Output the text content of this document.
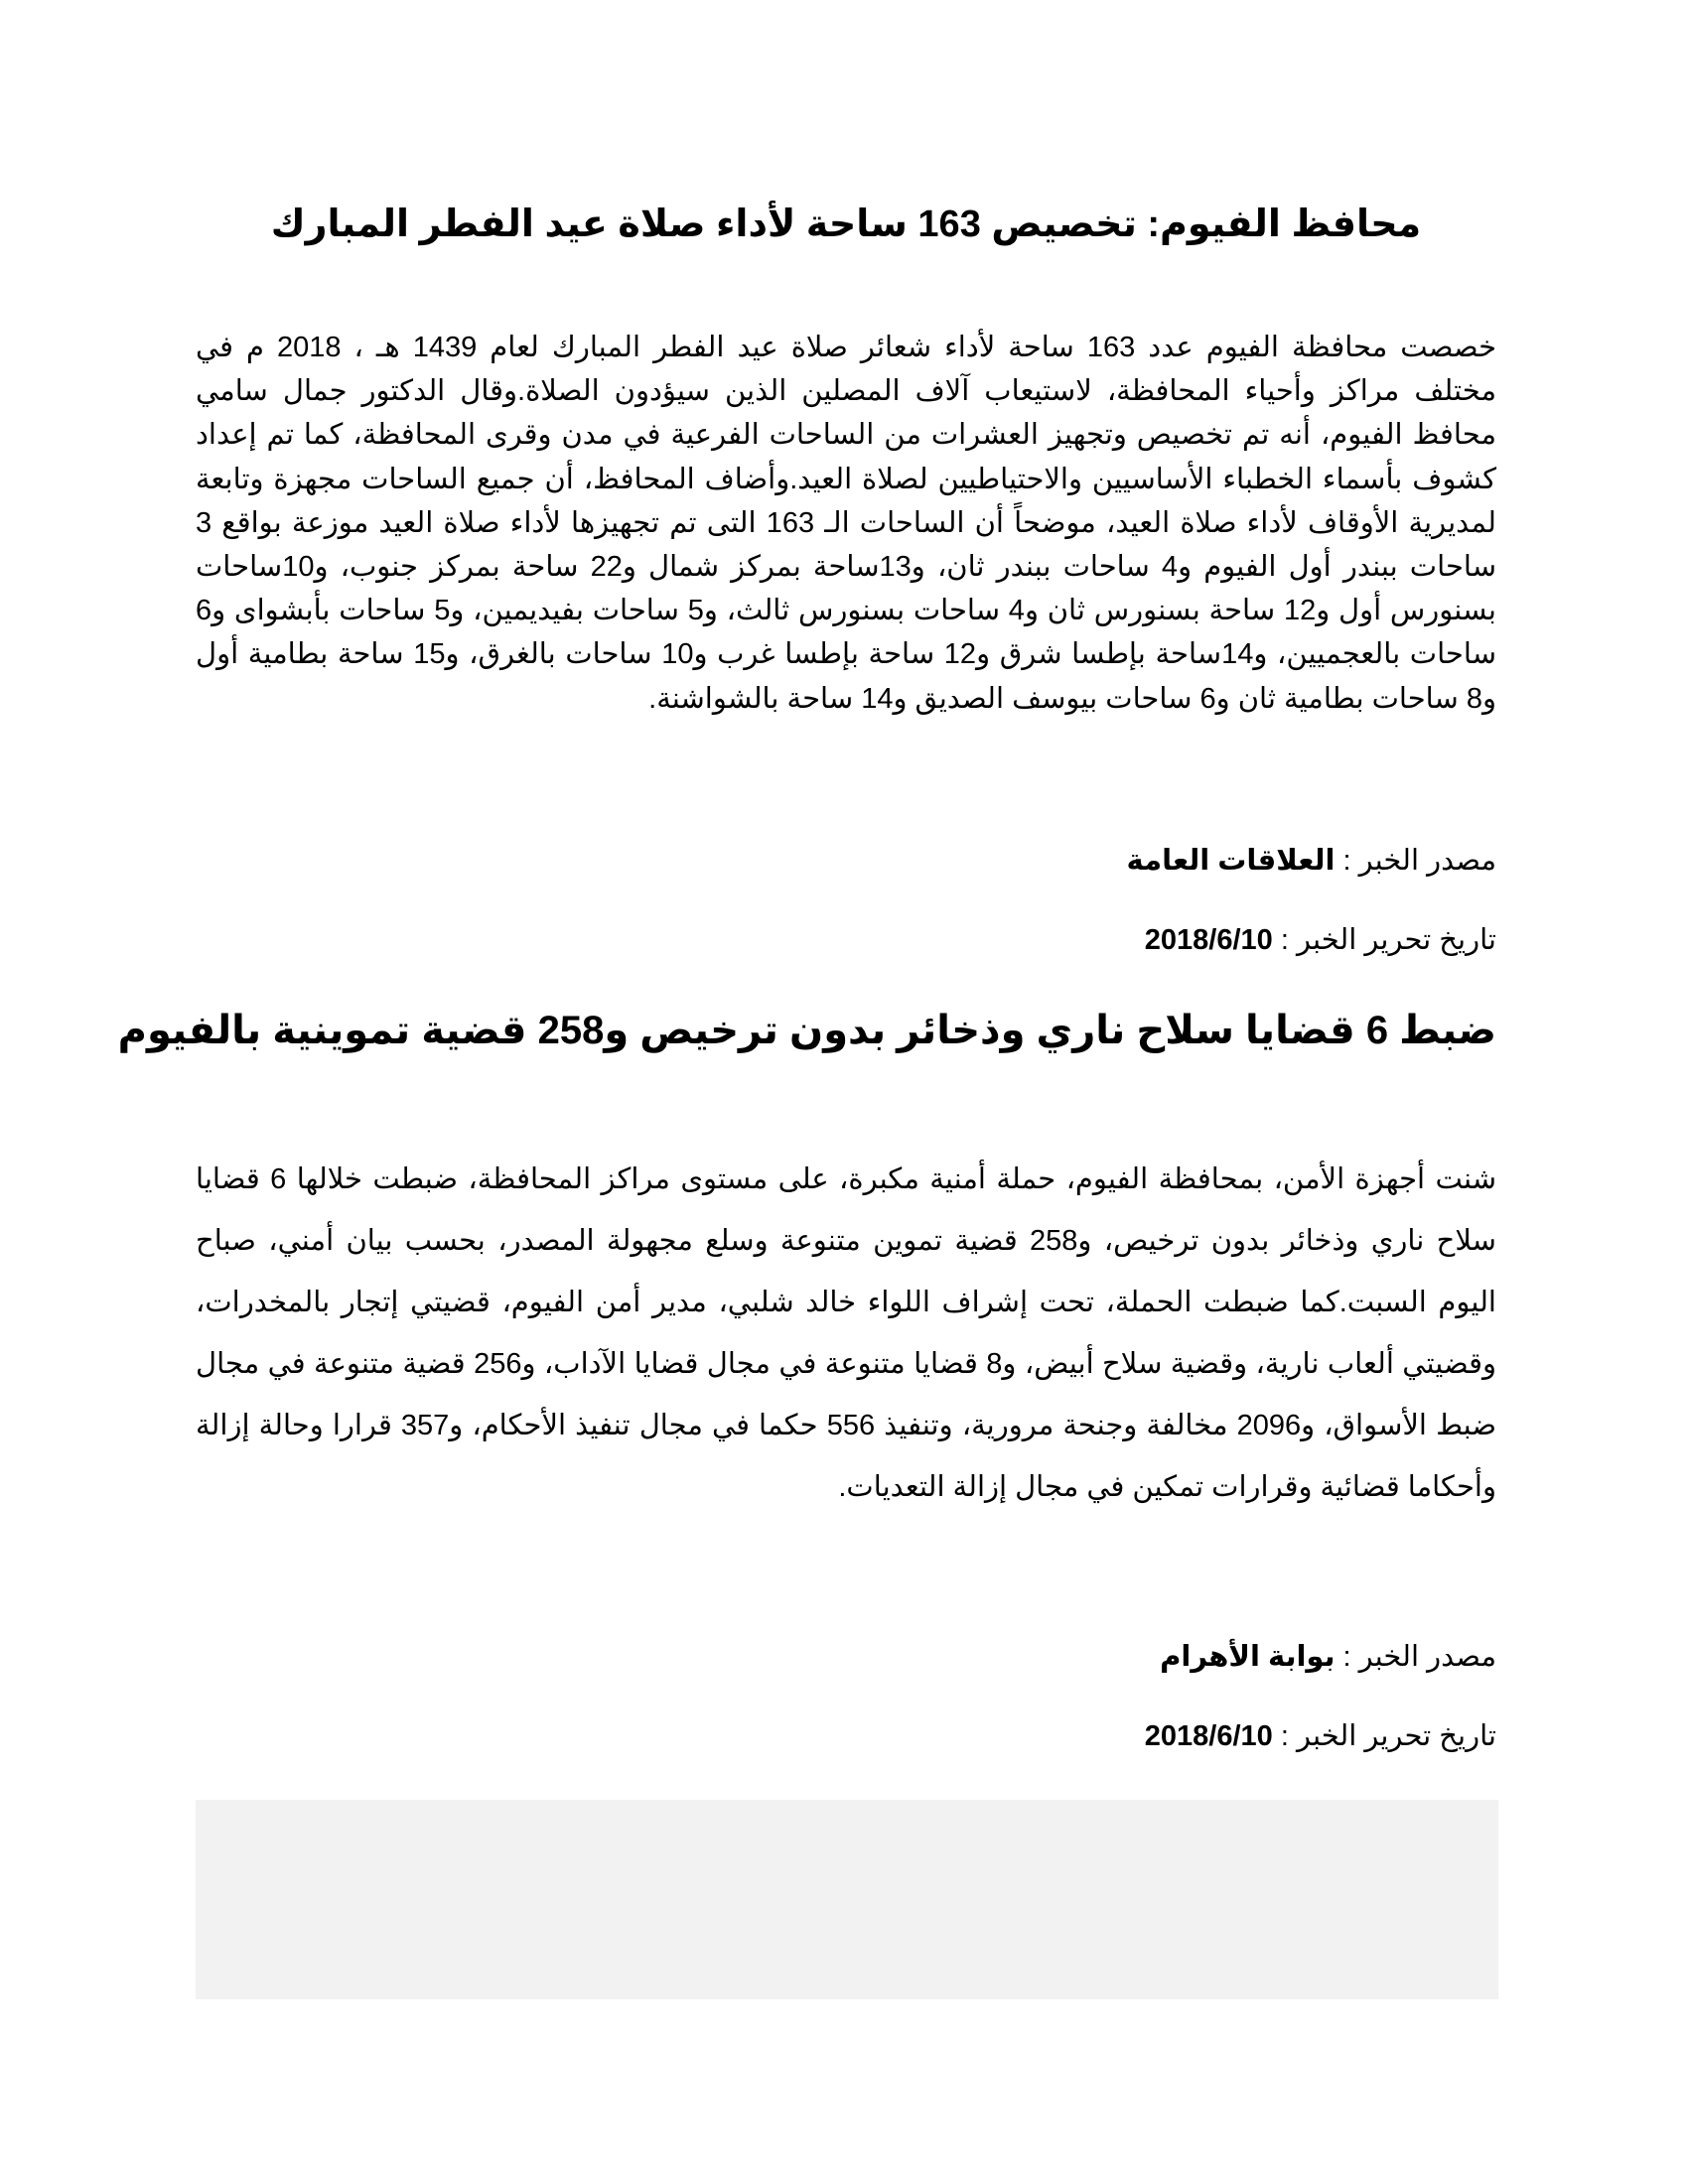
محافظ الفيوم: تخصيص 163 ساحة لأداء صلاة عيد الفطر المبارك

خصصت محافظة الفيوم عدد 163 ساحة لأداء شعائر صلاة عيد الفطر المبارك لعام 1439 هـ ، 2018 م في مختلف مراكز وأحياء المحافظة، لاستيعاب آلاف المصلين الذين سيؤدون الصلاة.وقال الدكتور جمال سامي محافظ الفيوم، أنه تم تخصيص وتجهيز العشرات من الساحات الفرعية في مدن وقرى المحافظة، كما تم إعداد كشوف بأسماء الخطباء الأساسيين والاحتياطيين لصلاة العيد.وأضاف المحافظ، أن جميع الساحات مجهزة وتابعة لمديرية الأوقاف لأداء صلاة العيد، موضحاً أن الساحات الـ 163 التى تم تجهيزها لأداء صلاة العيد موزعة بواقع 3 ساحات ببندر أول الفيوم و4 ساحات ببندر ثان، و13ساحة بمركز شمال و22 ساحة بمركز جنوب، و10ساحات بسنورس أول و12 ساحة بسنورس ثان و4 ساحات بسنورس ثالث، و5 ساحات بفيديمين، و5 ساحات بأبشواى و6 ساحات بالعجميين، و14ساحة بإطسا شرق و12 ساحة بإطسا غرب و10 ساحات بالغرق، و15 ساحة بطامية أول و8 ساحات بطامية ثان و6 ساحات بيوسف الصديق و14 ساحة بالشواشنة.

مصدر الخبر : العلاقات العامة

تاريخ تحرير الخبر : 2018/6/10

ضبط 6 قضايا سلاح ناري وذخائر بدون ترخيص و258 قضية تموينية بالفيوم

شنت أجهزة الأمن، بمحافظة الفيوم، حملة أمنية مكبرة، على مستوى مراكز المحافظة، ضبطت خلالها 6 قضايا سلاح ناري وذخائر بدون ترخيص، و258 قضية تموين متنوعة وسلع مجهولة المصدر، بحسب بيان أمني، صباح اليوم السبت.كما ضبطت الحملة، تحت إشراف اللواء خالد شلبي، مدير أمن الفيوم، قضيتي إتجار بالمخدرات، وقضيتي ألعاب نارية، وقضية سلاح أبيض، و8 قضايا متنوعة في مجال قضايا الآداب، و256 قضية متنوعة في مجال ضبط الأسواق، و2096 مخالفة وجنحة مرورية، وتنفيذ 556 حكما في مجال تنفيذ الأحكام، و357 قرارا وحالة إزالة وأحكاما قضائية وقرارات تمكين في مجال إزالة التعديات.

مصدر الخبر : بوابة الأهرام

تاريخ تحرير الخبر : 2018/6/10
